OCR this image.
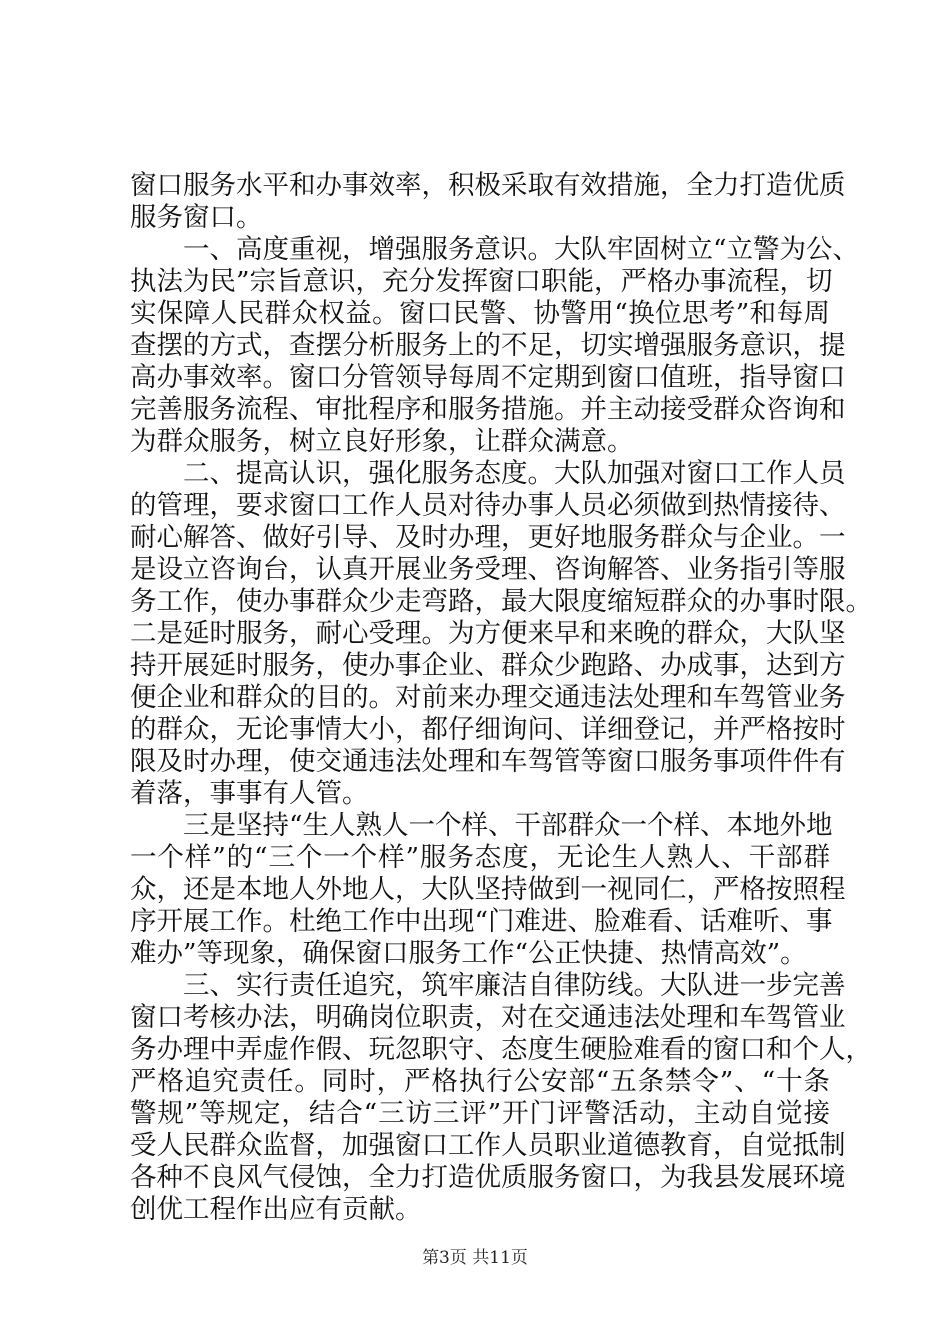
窗口服务水平和办事效率，积极采取有效措施，全力打造优质
服务窗口。
一、高度重视，增强服务意识。大队牢固树立“立警为公、
执法为民”宗旨意识，充分发挥窗口职能，严格办事流程，切
实保障人民群众权益。窗口民警、协警用“换位思考”和每周
查摆的方式，查摆分析服务上的不足，切实增强服务意识，提
高办事效率。窗口分管领导每周不定期到窗口值班，指导窗口
完善服务流程、审批程序和服务措施。并主动接受群众咨询和
为群众服务，树立良好形象，让群众满意。
二、提高认识，强化服务态度。大队加强对窗口工作人员
的管理，要求窗口工作人员对待办事人员必须做到热情接待、
耐心解答、做好引导、及时办理，更好地服务群众与企业。一
是设立咨询台，认真开展业务受理、咨询解答、业务指引等服
务工作，使办事群众少走弯路，最大限度缩短群众的办事时限。
二是延时服务，耐心受理。为方便来早和来晚的群众，大队坚
持开展延时服务，使办事企业、群众少跑路、办成事，达到方
便企业和群众的目的。对前来办理交通违法处理和车驾管业务
的群众，无论事情大小，都仔细询问、详细登记，并严格按时
限及时办理，使交通违法处理和车驾管等窗口服务事项件件有
着落，事事有人管。
三是坚持“生人熟人一个样、干部群众一个样、本地外地
一个样”的“三个一个样”服务态度，无论生人熟人、干部群
众，还是本地人外地人，大队坚持做到一视同仁，严格按照程
序开展工作。杜绝工作中出现“门难进、脸难看、话难听、事
难办”等现象，确保窗口服务工作“公正快捷、热情高效”。
三、实行责任追究，筑牢廉洁自律防线。大队进一步完善
窗口考核办法，明确岗位职责，对在交通违法处理和车驾管业
务办理中弄虚作假、玩忽职守、态度生硬脸难看的窗口和个人，
严格追究责任。同时，严格执行公安部“五条禁令”、“十条
警规”等规定，结合“三访三评”开门评警活动，主动自觉接
受人民群众监督，加强窗口工作人员职业道德教育，自觉抵制
各种不良风气侵蚀，全力打造优质服务窗口，为我县发展环境
创优工程作出应有贡献。
第3页 共11页
